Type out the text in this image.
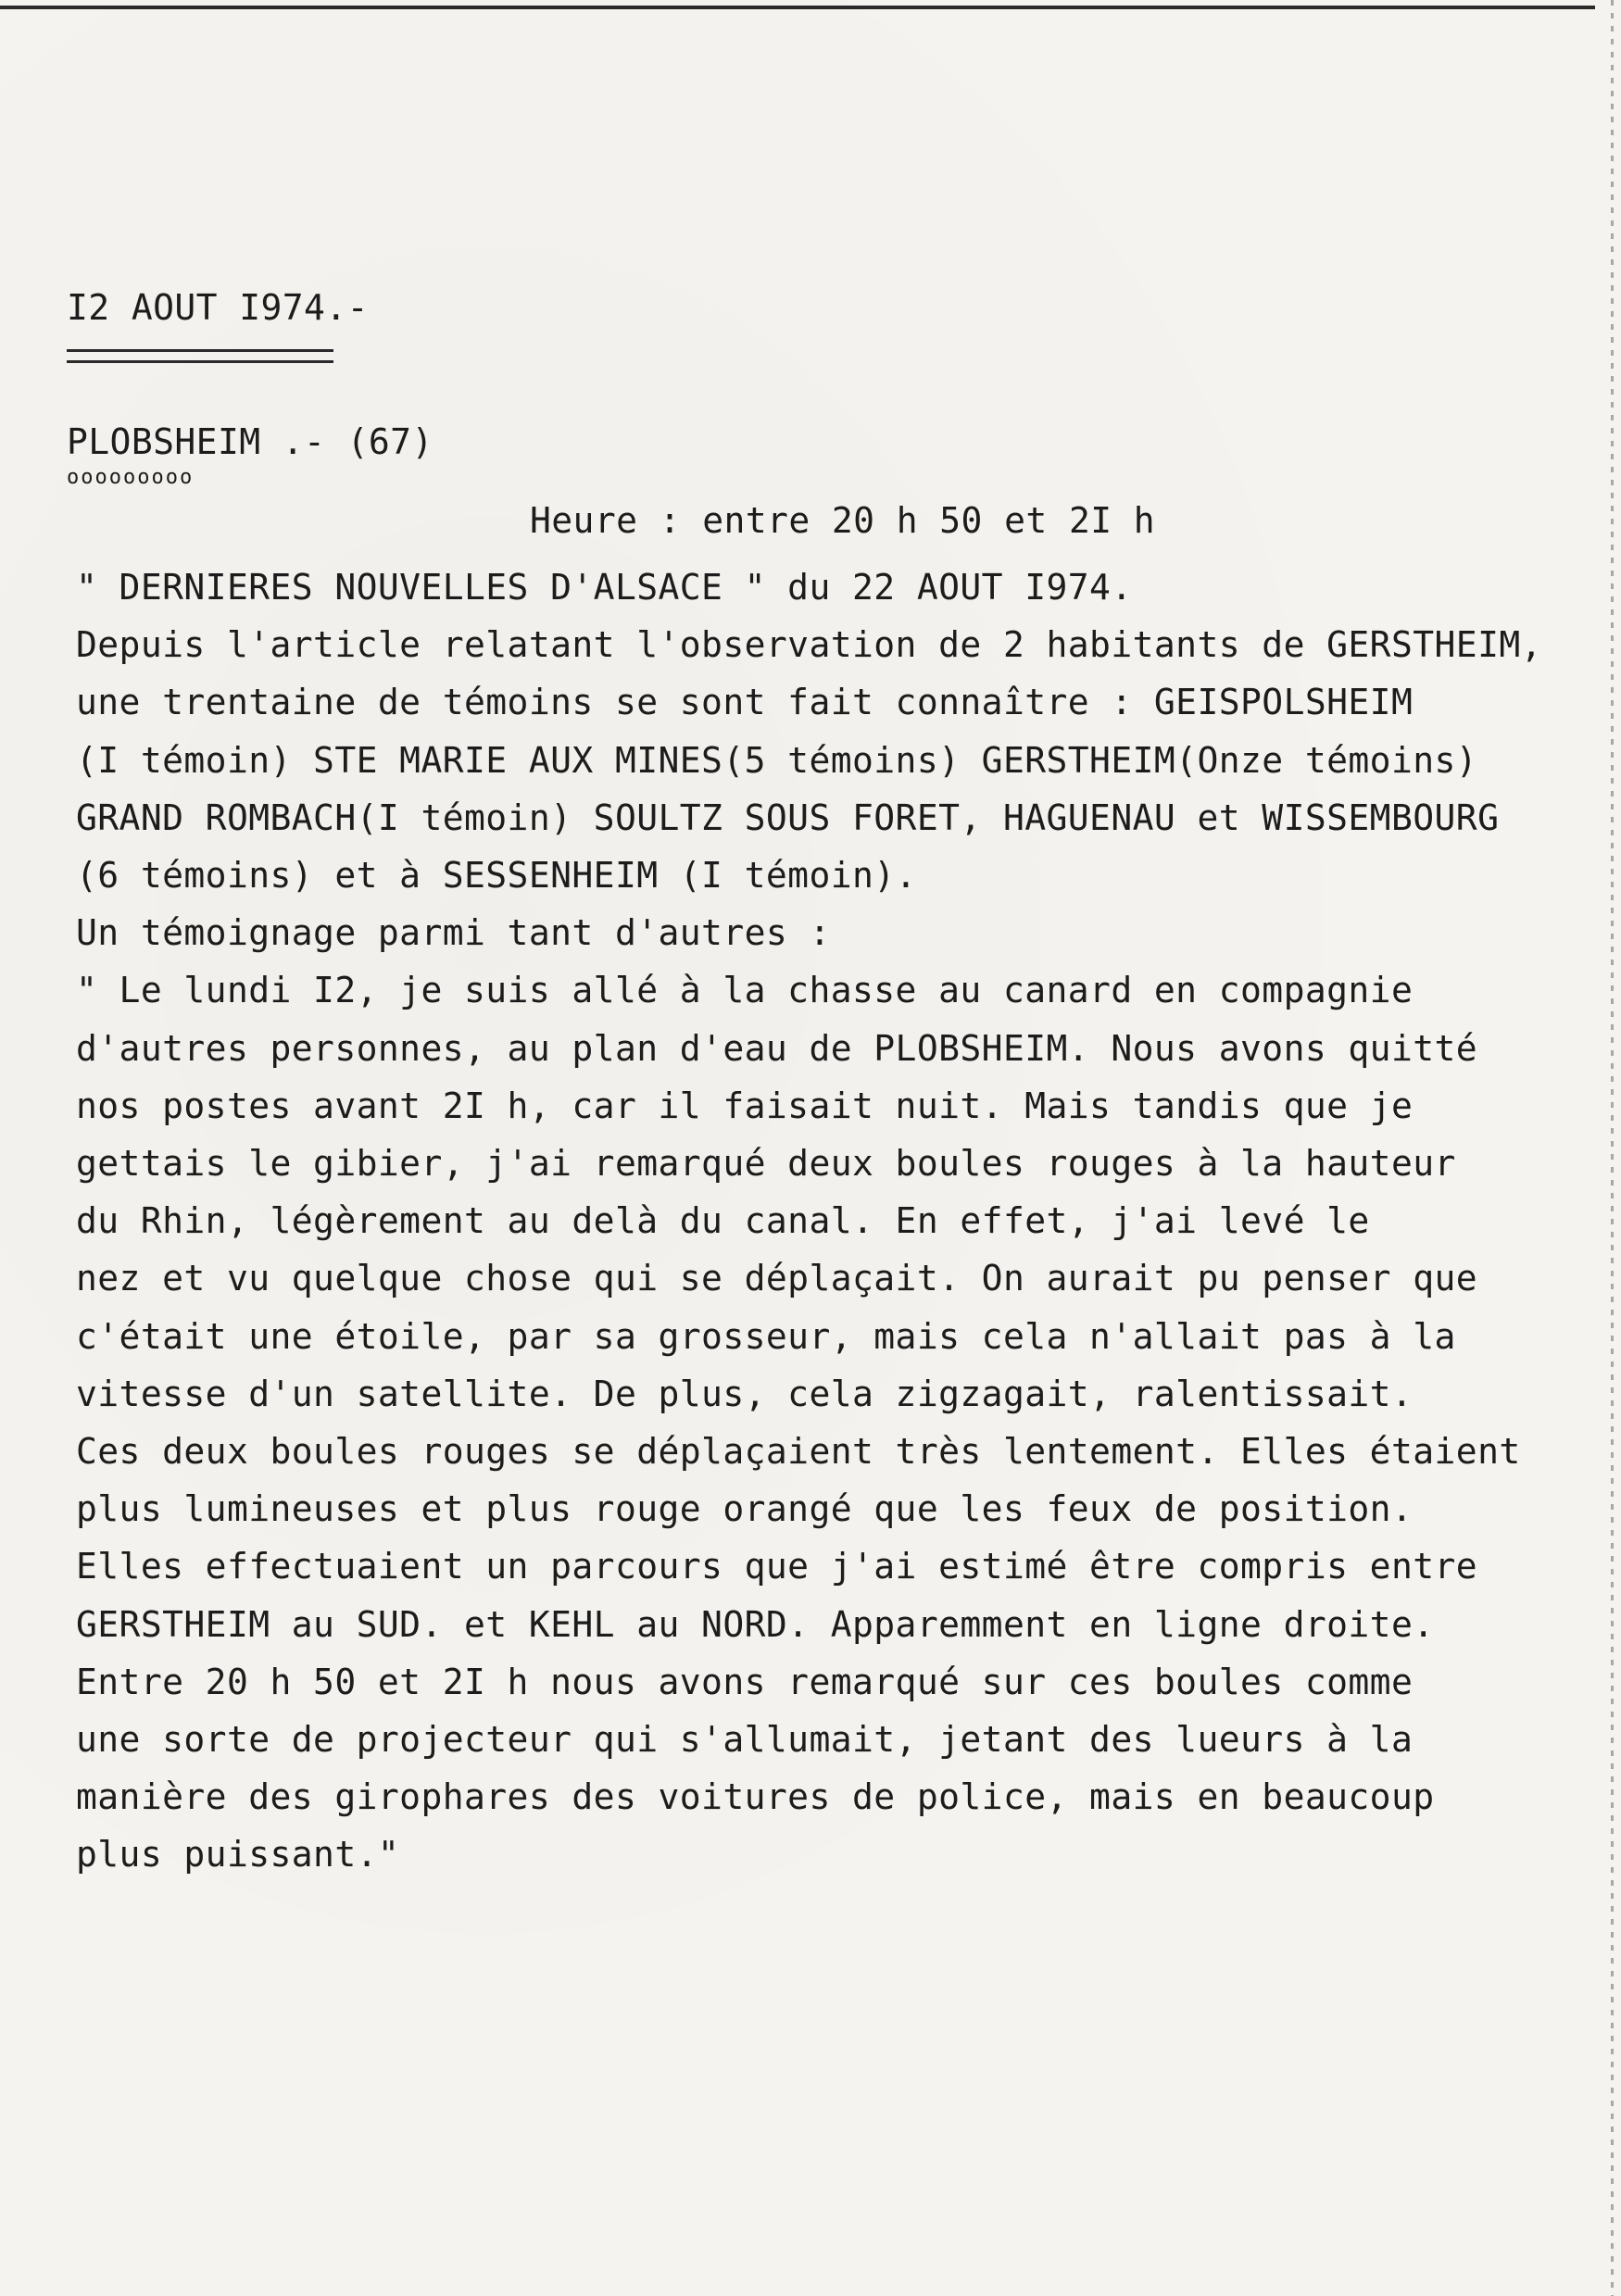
I2 AOUT I974.-
PLOBSHEIM .- (67)
ooooooooo
Heure : entre 20 h 50 et 2I h
" DERNIERES NOUVELLES D'ALSACE " du 22 AOUT I974.
Depuis l'article relatant l'observation de 2 habitants de GERSTHEIM,
une trentaine de témoins se sont fait connaître : GEISPOLSHEIM
(I témoin) STE MARIE AUX MINES(5 témoins) GERSTHEIM(Onze témoins)
GRAND ROMBACH(I témoin) SOULTZ SOUS FORET, HAGUENAU et WISSEMBOURG
(6 témoins) et à SESSENHEIM (I témoin).
Un témoignage parmi tant d'autres :
" Le lundi I2, je suis allé à la chasse au canard en compagnie
d'autres personnes, au plan d'eau de PLOBSHEIM. Nous avons quitté
nos postes avant 2I h, car il faisait nuit. Mais tandis que je
gettais le gibier, j'ai remarqué deux boules rouges à la hauteur
du Rhin, légèrement au delà du canal. En effet, j'ai levé le
nez et vu quelque chose qui se déplaçait. On aurait pu penser que
c'était une étoile, par sa grosseur, mais cela n'allait pas à la
vitesse d'un satellite. De plus, cela zigzagait, ralentissait.
Ces deux boules rouges se déplaçaient très lentement. Elles étaient
plus lumineuses et plus rouge orangé que les feux de position.
Elles effectuaient un parcours que j'ai estimé être compris entre
GERSTHEIM au SUD. et KEHL au NORD. Apparemment en ligne droite.
Entre 20 h 50 et 2I h nous avons remarqué sur ces boules comme
une sorte de projecteur qui s'allumait, jetant des lueurs à la
manière des girophares des voitures de police, mais en beaucoup
plus puissant."
